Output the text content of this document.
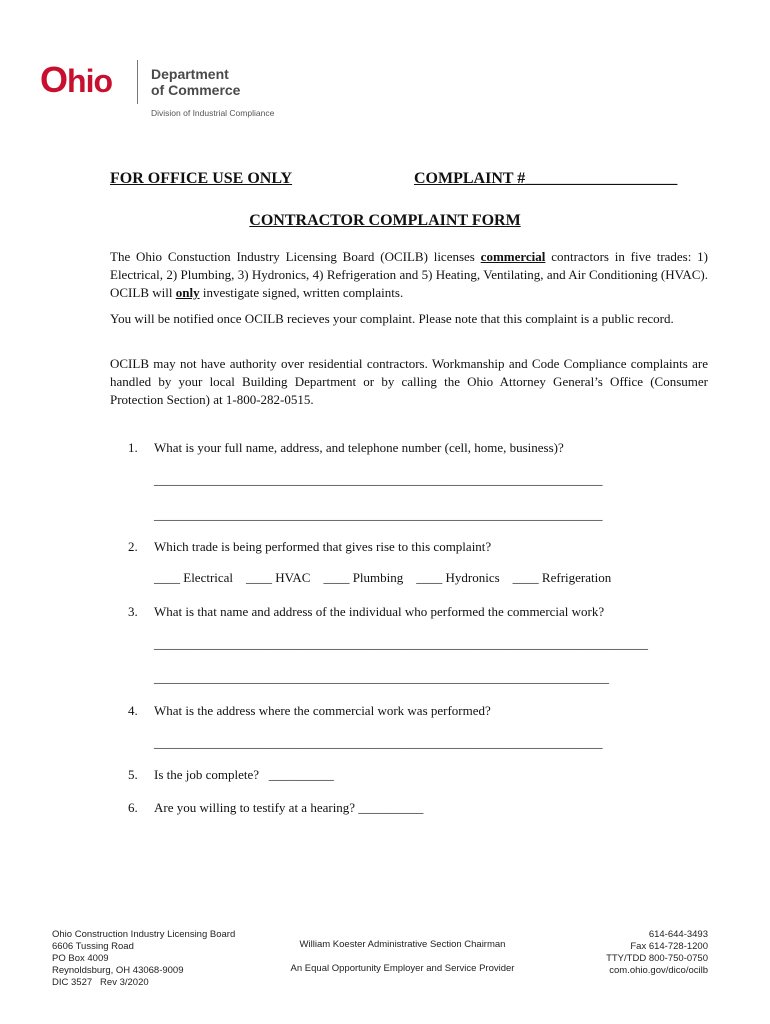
Ohio	Department
of Commerce
Division of Industrial Compliance
FOR OFFICE USE ONLY	COMPLAINT #___________________
CONTRACTOR COMPLAINT FORM
The Ohio Constuction Industry Licensing Board (OCILB) licenses commercial contractors in five trades: 1) Electrical, 2) Plumbing, 3) Hydronics, 4) Refrigeration and 5) Heating, Ventilating, and Air Conditioning (HVAC). OCILB will only investigate signed, written complaints.
You will be notified once OCILB recieves your complaint. Please note that this complaint is a public record.
OCILB may not have authority over residential contractors. Workmanship and Code Compliance complaints are handled by your local Building Department or by calling the Ohio Attorney General’s Office (Consumer Protection Section) at 1-800-282-0515.
1. What is your full name, address, and telephone number (cell, home, business)?
_____________________________________________________________________
_____________________________________________________________________
2. Which trade is being performed that gives rise to this complaint?
____ Electrical    ____ HVAC    ____ Plumbing    ____ Hydronics    ____ Refrigeration
3. What is that name and address of the individual who performed the commercial work?
____________________________________________________________________________
______________________________________________________________________
4. What is the address where the commercial work was performed?
_____________________________________________________________________
5. Is the job complete?   __________
6. Are you willing to testify at a hearing? __________
Ohio Construction Industry Licensing Board
6606 Tussing Road
PO Box 4009
Reynoldsburg, OH 43068-9009
DIC 3527   Rev 3/2020
William Koester Administrative Section Chairman
An Equal Opportunity Employer and Service Provider
614-644-3493
Fax 614-728-1200
TTY/TDD 800-750-0750
com.ohio.gov/dico/ocilb
